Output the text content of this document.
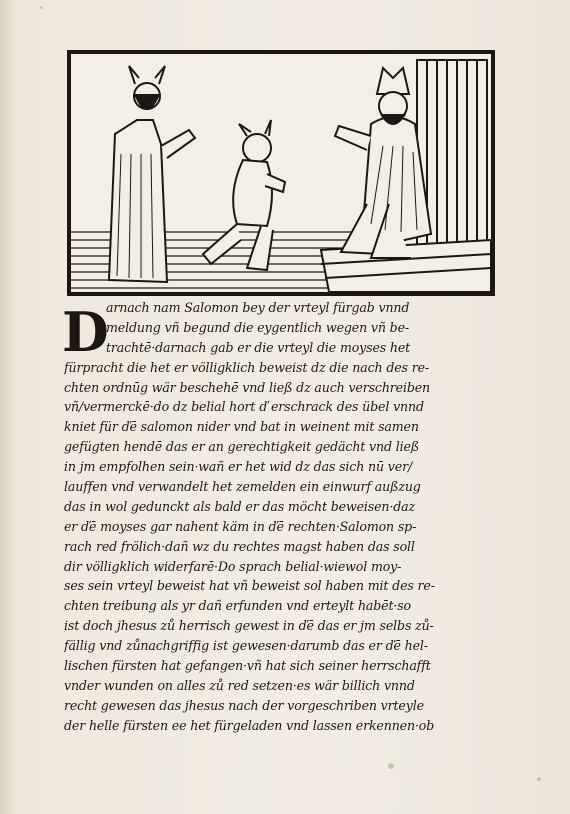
D
arnach nam Salomon bey der vrteyl fürgab vnnd
meldung vñ begund die eygentlich wegen vñ be-
trachtē·darnach gab er die vrteyl die moyses het
fürpracht die het er völligklich beweist dz die nach des re-
chten ordnūg wär beschehē vnd ließ dz auch verschreiben
vñ/vermerckē·do dz belial hort ď erschrack des übel vnnd
kniet für ďē salomon nider vnd bat in weinent mit samen
gefügten hendē das er an gerechtigkeit gedächt vnd ließ
in jm empfolhen sein·wañ er het wid dz das sich nū ver/
lauffen vnd verwandelt het zemelden ein einwurf außzug
das in wol gedunckt als bald er das möcht beweisen·daz
er ďē moyses gar nahent käm in ďē rechten·Salomon sp-
rach red frölich·dañ wz du rechtes magst haben das soll
dir völligklich widerfarē·Do sprach belial·wiewol moy-
ses sein vrteyl beweist hat vñ beweist sol haben mit des re-
chten treibung als yr dañ erfunden vnd erteylt habēt·so
ist doch jhesus zů herrisch gewest in ďē das er jm selbs zů-
fällig vnd zůnachgriffig ist gewesen·darumb das er ďē hel-
lischen fürsten hat gefangen·vñ hat sich seiner herrschafft
vnder wunden on alles zů red setzen·es wär billich vnnd
recht gewesen das jhesus nach der vorgeschriben vrteyle
der helle fürsten ee het fürgeladen vnd lassen erkennen·ob
